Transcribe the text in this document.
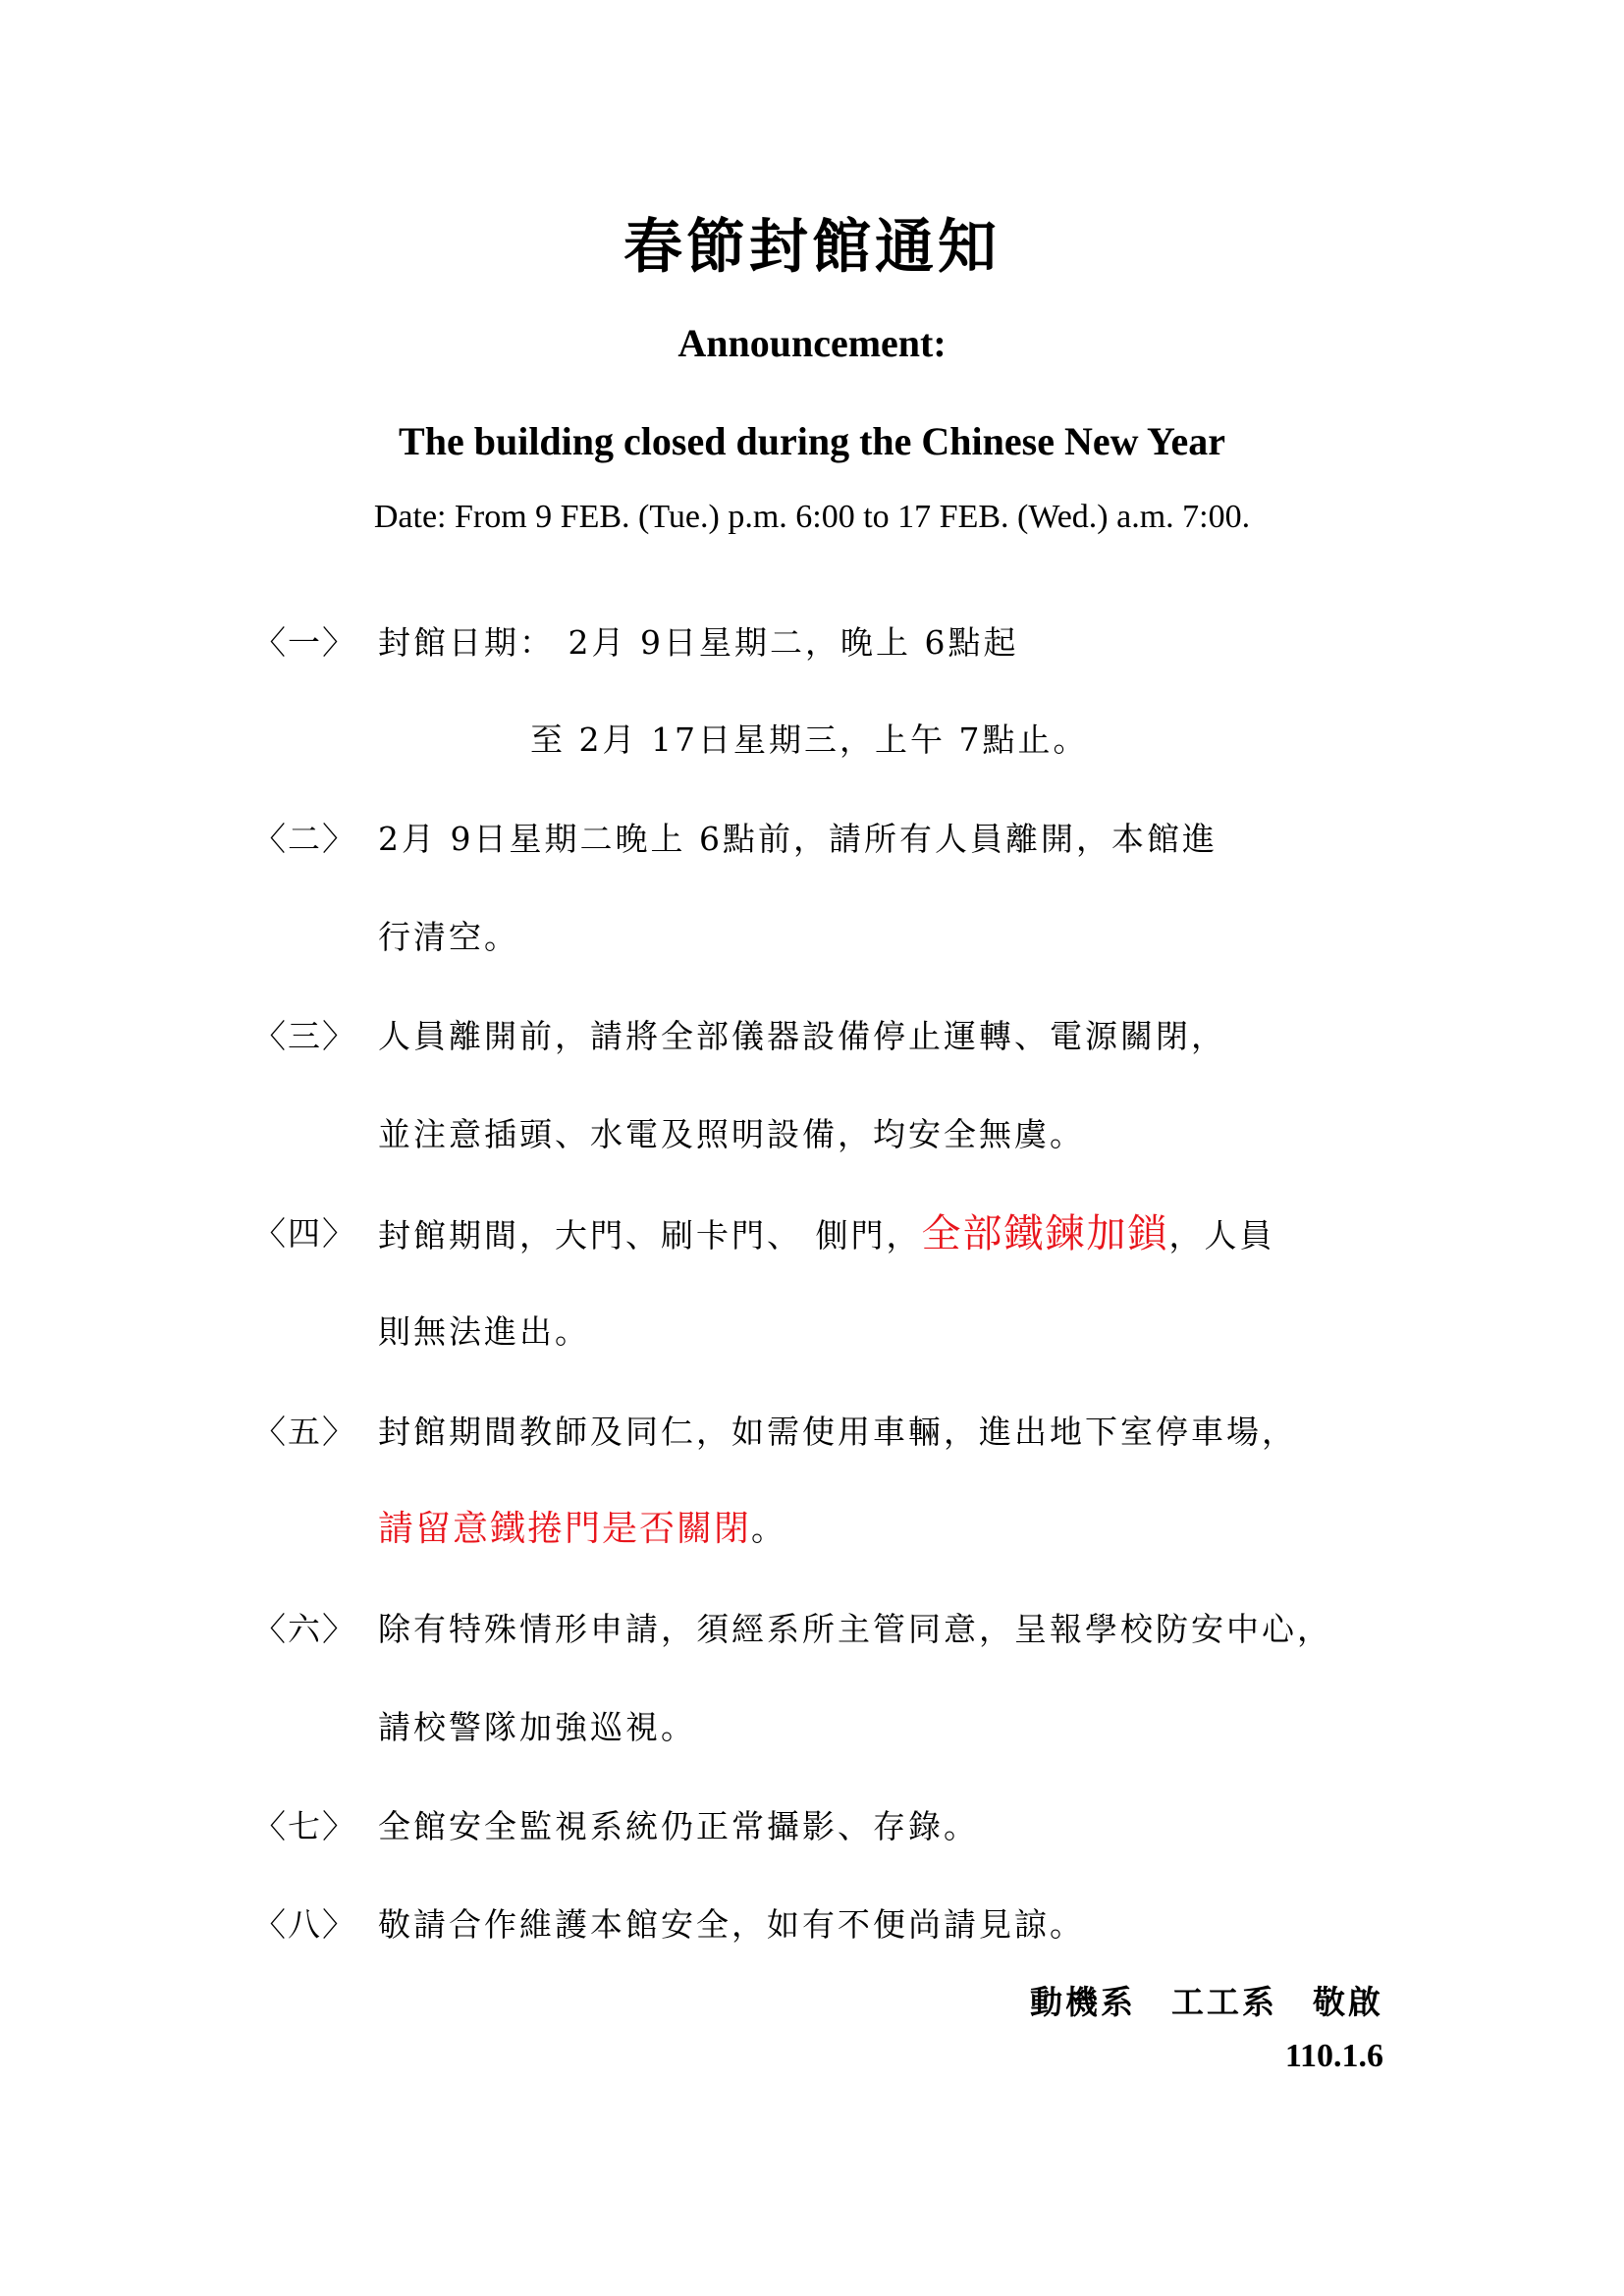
春節封館通知
Announcement:
The building closed during the Chinese New Year
Date: From 9 FEB. (Tue.) p.m. 6:00 to 17 FEB. (Wed.) a.m. 7:00.
〈一〉 封館日期： 2月 9日星期二，晚上 6點起
至 2月 17日星期三，上午 7點止。
〈二〉 2月 9日星期二晚上 6點前，請所有人員離開，本館進
行清空。
〈三〉 人員離開前，請將全部儀器設備停止運轉、電源關閉，
並注意插頭、水電及照明設備，均安全無虞。
〈四〉 封館期間，大門、刷卡門、 側門，全部鐵鍊加鎖，人員
則無法進出。
〈五〉 封館期間教師及同仁，如需使用車輛，進出地下室停車場，
請留意鐵捲門是否關閉。
〈六〉 除有特殊情形申請，須經系所主管同意，呈報學校防安中心，
請校警隊加強巡視。
〈七〉 全館安全監視系統仍正常攝影、存錄。
〈八〉 敬請合作維護本館安全，如有不便尚請見諒。
動機系 工工系 敬啟
110.1.6
